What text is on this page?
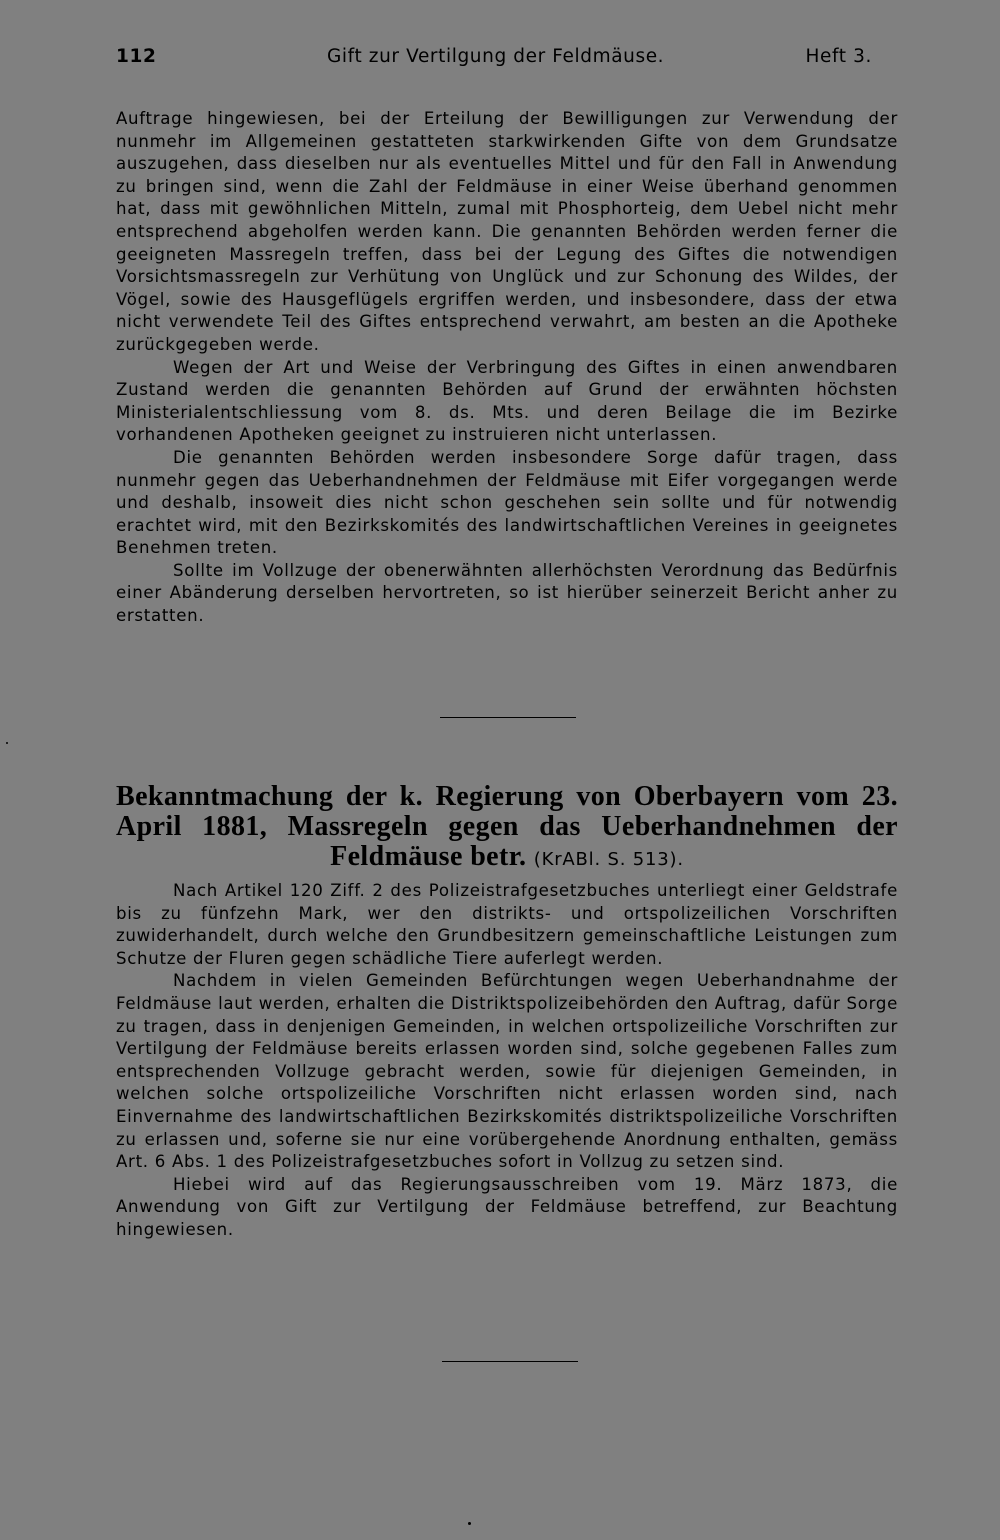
112	Gift zur Vertilgung der Feldmäuse.	Heft 3.

Auftrage hingewiesen, bei der Erteilung der Bewilligungen zur Verwendung der nunmehr im Allgemeinen gestatteten starkwirkenden Gifte von dem Grundsatze auszugehen, dass dieselben nur als eventuelles Mittel und für den Fall in Anwendung zu bringen sind, wenn die Zahl der Feldmäuse in einer Weise überhand genommen hat, dass mit gewöhnlichen Mitteln, zumal mit Phosphorteig, dem Uebel nicht mehr entsprechend abgeholfen werden kann. Die genannten Behörden werden ferner die geeigneten Massregeln treffen, dass bei der Legung des Giftes die notwendigen Vorsichtsmassregeln zur Verhütung von Unglück und zur Schonung des Wildes, der Vögel, sowie des Hausgeflügels ergriffen werden, und insbesondere, dass der etwa nicht verwendete Teil des Giftes entsprechend verwahrt, am besten an die Apotheke zurückgegeben werde.

Wegen der Art und Weise der Verbringung des Giftes in einen anwendbaren Zustand werden die genannten Behörden auf Grund der erwähnten höchsten Ministerialentschliessung vom 8. ds. Mts. und deren Beilage die im Bezirke vorhandenen Apotheken geeignet zu instruieren nicht unterlassen.

Die genannten Behörden werden insbesondere Sorge dafür tragen, dass nunmehr gegen das Ueberhandnehmen der Feldmäuse mit Eifer vorgegangen werde und deshalb, insoweit dies nicht schon geschehen sein sollte und für notwendig erachtet wird, mit den Bezirkskomités des landwirtschaftlichen Vereines in geeignetes Benehmen treten.

Sollte im Vollzuge der obenerwähnten allerhöchsten Verordnung das Bedürfnis einer Abänderung derselben hervortreten, so ist hierüber seinerzeit Bericht anher zu erstatten.

Bekanntmachung der k. Regierung von Oberbayern vom 23. April 1881, Massregeln gegen das Ueberhandnehmen der Feldmäuse betr. (KrABl. S. 513).

Nach Artikel 120 Ziff. 2 des Polizeistrafgesetzbuches unterliegt einer Geldstrafe bis zu fünfzehn Mark, wer den distrikts- und ortspolizeilichen Vorschriften zuwiderhandelt, durch welche den Grundbesitzern gemeinschaftliche Leistungen zum Schutze der Fluren gegen schädliche Tiere auferlegt werden.

Nachdem in vielen Gemeinden Befürchtungen wegen Ueberhandnahme der Feldmäuse laut werden, erhalten die Distriktspolizeibehörden den Auftrag, dafür Sorge zu tragen, dass in denjenigen Gemeinden, in welchen ortspolizeiliche Vorschriften zur Vertilgung der Feldmäuse bereits erlassen worden sind, solche gegebenen Falles zum entsprechenden Vollzuge gebracht werden, sowie für diejenigen Gemeinden, in welchen solche ortspolizeiliche Vorschriften nicht erlassen worden sind, nach Einvernahme des landwirtschaftlichen Bezirkskomités distriktspolizeiliche Vorschriften zu erlassen und, soferne sie nur eine vorübergehende Anordnung enthalten, gemäss Art. 6 Abs. 1 des Polizeistrafgesetzbuches sofort in Vollzug zu setzen sind.

Hiebei wird auf das Regierungsausschreiben vom 19. März 1873, die Anwendung von Gift zur Vertilgung der Feldmäuse betreffend, zur Beachtung hingewiesen.
